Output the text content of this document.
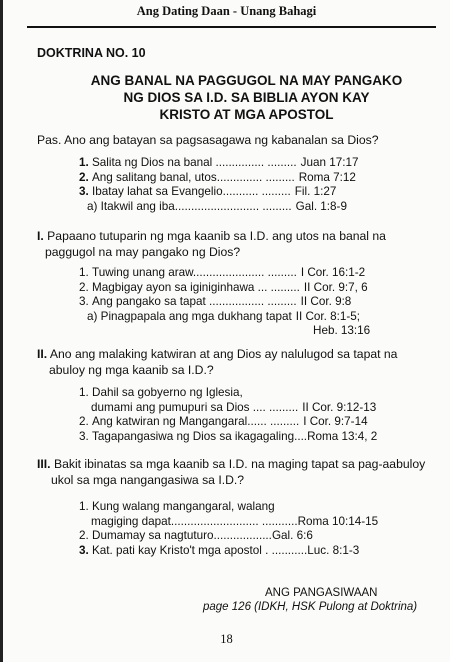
Ang Dating Daan - Unang Bahagi
DOKTRINA NO. 10
ANG BANAL NA PAGGUGOL NA MAY PANGAKO
NG DIOS SA I.D. SA BIBLIA AYON KAY
KRISTO AT MGA APOSTOL
Pas. Ano ang batayan sa pagsasagawa ng kabanalan sa Dios?
1.
Salita ng Dios na banal ............... ......... Juan 17:17
2.
Ang salitang banal, utos.............. ......... Roma 7:12
3.
Ibatay lahat sa Evangelio........... ......... Fil. 1:27
a)
Itakwil ang iba.......................... ......... Gal. 1:8-9
I. Papaano tutuparin ng mga kaanib sa I.D. ang utos na banal na
paggugol na may pangako ng Dios?
1.
Tuwing unang araw...................... ......... I Cor. 16:1-2
2.
Magbigay ayon sa iginiginhawa ... ......... II Cor. 9:7, 6
3.
Ang pangako sa tapat ................. ......... II Cor. 9:8
a)
Pinagpapala ang mga dukhang tapat II Cor. 8:1-5;
Heb. 13:16
II. Ano ang malaking katwiran at ang Dios ay nalulugod sa tapat na
abuloy ng mga kaanib sa I.D.?
1.
Dahil sa gobyerno ng Iglesia,
dumami ang pumupuri sa Dios .... ......... II Cor. 9:12-13
2.
Ang katwiran ng Mangangaral...... ......... I Cor. 9:7-14
3.
Tagapangasiwa ng Dios sa ikagagaling.... Roma 13:4, 2
III. Bakit ibinatas sa mga kaanib sa I.D. na maging tapat sa pag-aabuloy
ukol sa mga nangangasiwa sa I.D.?
1.
Kung walang mangangaral, walang
magiging dapat........................... ........... Roma 10:14-15
2.
Dumamay sa nagtuturo.................. Gal. 6:6
3.
Kat. pati kay Kristo't mga apostol . ........... Luc. 8:1-3
ANG PANGASIWAAN
page 126 (IDKH, HSK Pulong at Doktrina)
18
